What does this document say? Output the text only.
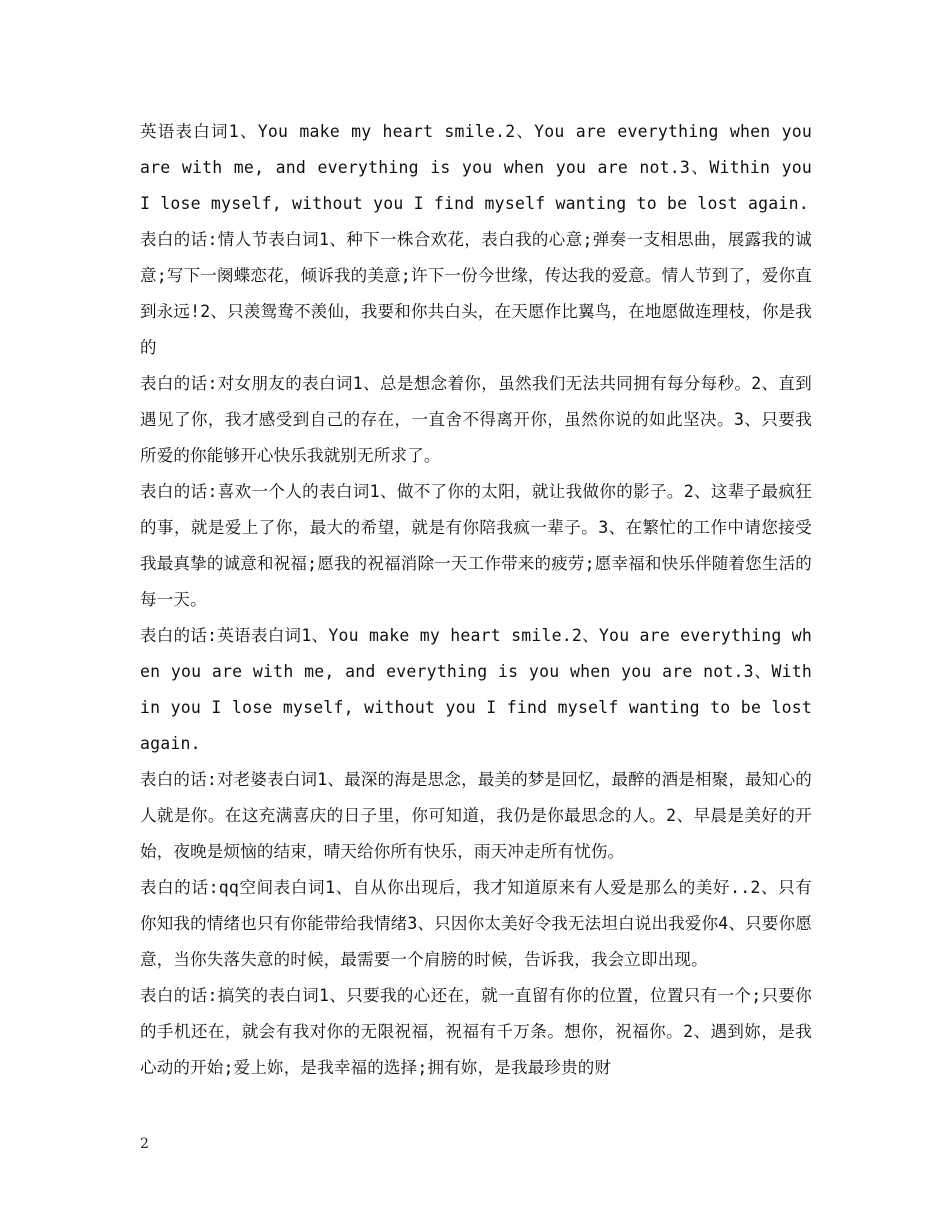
英语表白词1、You make my heart smile.2、You are everything when you are with me, and everything is you when you are not.3、Within you I lose myself, without you I find myself wanting to be lost again.

表白的话:情人节表白词1、种下一株合欢花，表白我的心意;弹奏一支相思曲，展露我的诚意;写下一阕蝶恋花，倾诉我的美意;许下一份今世缘，传达我的爱意。情人节到了，爱你直到永远!2、只羡鸳鸯不羡仙，我要和你共白头，在天愿作比翼鸟，在地愿做连理枝，你是我的

表白的话:对女朋友的表白词1、总是想念着你，虽然我们无法共同拥有每分每秒。2、直到遇见了你，我才感受到自己的存在，一直舍不得离开你，虽然你说的如此坚决。3、只要我所爱的你能够开心快乐我就别无所求了。

表白的话:喜欢一个人的表白词1、做不了你的太阳，就让我做你的影子。2、这辈子最疯狂的事，就是爱上了你，最大的希望，就是有你陪我疯一辈子。3、在繁忙的工作中请您接受我最真挚的诚意和祝福;愿我的祝福消除一天工作带来的疲劳;愿幸福和快乐伴随着您生活的每一天。

表白的话:英语表白词1、You make my heart smile.2、You are everything when you are with me, and everything is you when you are not.3、Within you I lose myself, without you I find myself wanting to be lost again.

表白的话:对老婆表白词1、最深的海是思念，最美的梦是回忆，最醉的酒是相聚，最知心的人就是你。在这充满喜庆的日子里，你可知道，我仍是你最思念的人。2、早晨是美好的开始，夜晚是烦恼的结束，晴天给你所有快乐，雨天冲走所有忧伤。

表白的话:qq空间表白词1、自从你出现后，我才知道原来有人爱是那么的美好..2、只有你知我的情绪也只有你能带给我情绪3、只因你太美好令我无法坦白说出我爱你4、只要你愿意，当你失落失意的时候，最需要一个肩膀的时候，告诉我，我会立即出现。

表白的话:搞笑的表白词1、只要我的心还在，就一直留有你的位置，位置只有一个;只要你的手机还在，就会有我对你的无限祝福，祝福有千万条。想你，祝福你。2、遇到妳，是我心动的开始;爱上妳，是我幸福的选择;拥有妳，是我最珍贵的财

2
